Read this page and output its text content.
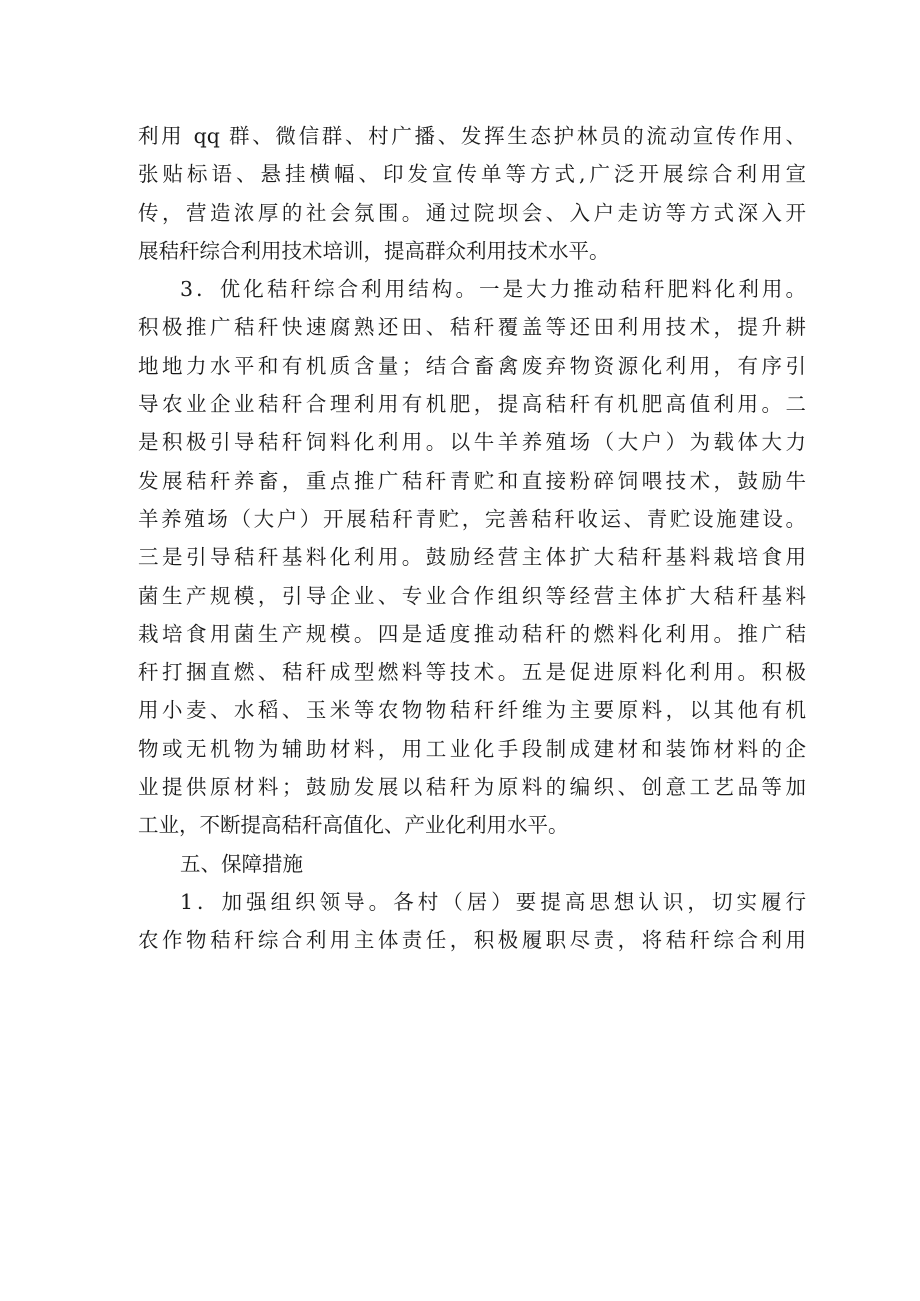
利用 qq 群、微信群、村广播、发挥生态护林员的流动宣传作用、
张贴标语、悬挂横幅、印发宣传单等方式,广泛开展综合利用宣
传，营造浓厚的社会氛围。通过院坝会、入户走访等方式深入开
展秸秆综合利用技术培训，提高群众利用技术水平。
3．优化秸秆综合利用结构。一是大力推动秸秆肥料化利用。
积极推广秸秆快速腐熟还田、秸秆覆盖等还田利用技术，提升耕
地地力水平和有机质含量；结合畜禽废弃物资源化利用，有序引
导农业企业秸秆合理利用有机肥，提高秸秆有机肥高值利用。二
是积极引导秸秆饲料化利用。以牛羊养殖场（大户）为载体大力
发展秸秆养畜，重点推广秸秆青贮和直接粉碎饲喂技术，鼓励牛
羊养殖场（大户）开展秸秆青贮，完善秸秆收运、青贮设施建设。
三是引导秸秆基料化利用。鼓励经营主体扩大秸秆基料栽培食用
菌生产规模，引导企业、专业合作组织等经营主体扩大秸秆基料
栽培食用菌生产规模。四是适度推动秸秆的燃料化利用。推广秸
秆打捆直燃、秸秆成型燃料等技术。五是促进原料化利用。积极
用小麦、水稻、玉米等农物物秸秆纤维为主要原料，以其他有机
物或无机物为辅助材料，用工业化手段制成建材和装饰材料的企
业提供原材料；鼓励发展以秸秆为原料的编织、创意工艺品等加
工业，不断提高秸秆高值化、产业化利用水平。
五、保障措施
1．加强组织领导。各村（居）要提高思想认识，切实履行
农作物秸秆综合利用主体责任，积极履职尽责，将秸秆综合利用
